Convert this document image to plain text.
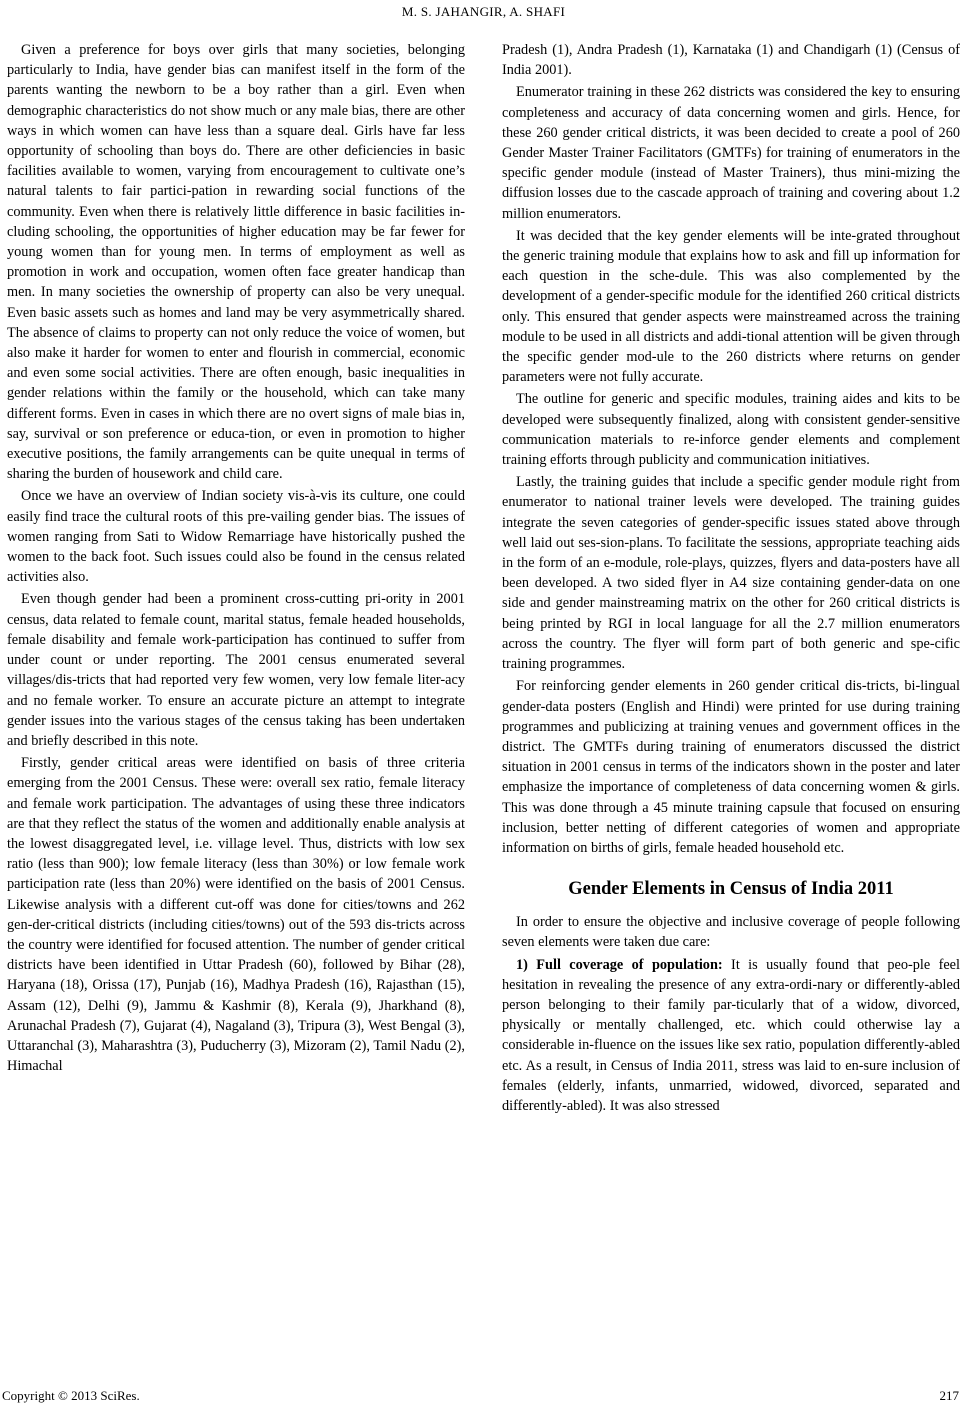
M. S. JAHANGIR, A. SHAFI

Given a preference for boys over girls that many societies, belonging particularly to India, have gender bias can manifest itself in the form of the parents wanting the newborn to be a boy rather than a girl. Even when demographic characteristics do not show much or any male bias, there are other ways in which women can have less than a square deal. Girls have far less opportunity of schooling than boys do. There are other deficiencies in basic facilities available to women, varying from encouragement to cultivate one’s natural talents to fair partici-pation in rewarding social functions of the community. Even when there is relatively little difference in basic facilities in-cluding schooling, the opportunities of higher education may be far fewer for young women than for young men. In terms of employment as well as promotion in work and occupation, women often face greater handicap than men. In many societies the ownership of property can also be very unequal. Even basic assets such as homes and land may be very asymmetrically shared. The absence of claims to property can not only reduce the voice of women, but also make it harder for women to enter and flourish in commercial, economic and even some social activities. There are often enough, basic inequalities in gender relations within the family or the household, which can take many different forms. Even in cases in which there are no overt signs of male bias in, say, survival or son preference or educa-tion, or even in promotion to higher executive positions, the family arrangements can be quite unequal in terms of sharing the burden of housework and child care.

Once we have an overview of Indian society vis-à-vis its culture, one could easily find trace the cultural roots of this pre-vailing gender bias. The issues of women ranging from Sati to Widow Remarriage have historically pushed the women to the back foot. Such issues could also be found in the census related activities also.

Even though gender had been a prominent cross-cutting pri-ority in 2001 census, data related to female count, marital status, female headed households, female disability and female work-participation has continued to suffer from under count or under reporting. The 2001 census enumerated several villages/dis-tricts that had reported very few women, very low female liter-acy and no female worker. To ensure an accurate picture an attempt to integrate gender issues into the various stages of the census taking has been undertaken and briefly described in this note.

Firstly, gender critical areas were identified on basis of three criteria emerging from the 2001 Census. These were: overall sex ratio, female literacy and female work participation. The advantages of using these three indicators are that they reflect the status of the women and additionally enable analysis at the lowest disaggregated level, i.e. village level. Thus, districts with low sex ratio (less than 900); low female literacy (less than 30%) or low female work participation rate (less than 20%) were identified on the basis of 2001 Census. Likewise analysis with a different cut-off was done for cities/towns and 262 gen-der-critical districts (including cities/towns) out of the 593 dis-tricts across the country were identified for focused attention. The number of gender critical districts have been identified in Uttar Pradesh (60), followed by Bihar (28), Haryana (18), Orissa (17), Punjab (16), Madhya Pradesh (16), Rajasthan (15), Assam (12), Delhi (9), Jammu & Kashmir (8), Kerala (9), Jharkhand (8), Arunachal Pradesh (7), Gujarat (4), Nagaland (3), Tripura (3), West Bengal (3), Uttaranchal (3), Maharashtra (3), Puducherry (3), Mizoram (2), Tamil Nadu (2), Himachal

Pradesh (1), Andra Pradesh (1), Karnataka (1) and Chandigarh (1) (Census of India 2001).

Enumerator training in these 262 districts was considered the key to ensuring completeness and accuracy of data concerning women and girls. Hence, for these 260 gender critical districts, it was been decided to create a pool of 260 Gender Master Trainer Facilitators (GMTFs) for training of enumerators in the specific gender module (instead of Master Trainers), thus mini-mizing the diffusion losses due to the cascade approach of training and covering about 1.2 million enumerators.

It was decided that the key gender elements will be inte-grated throughout the generic training module that explains how to ask and fill up information for each question in the sche-dule. This was also complemented by the development of a gender-specific module for the identified 260 critical districts only. This ensured that gender aspects were mainstreamed across the training module to be used in all districts and addi-tional attention will be given through the specific gender mod-ule to the 260 districts where returns on gender parameters were not fully accurate.

The outline for generic and specific modules, training aides and kits to be developed were subsequently finalized, along with consistent gender-sensitive communication materials to re-inforce gender elements and complement training efforts through publicity and communication initiatives.

Lastly, the training guides that include a specific gender module right from enumerator to national trainer levels were developed. The training guides integrate the seven categories of gender-specific issues stated above through well laid out ses-sion-plans. To facilitate the sessions, appropriate teaching aids in the form of an e-module, role-plays, quizzes, flyers and data-posters have all been developed. A two sided flyer in A4 size containing gender-data on one side and gender mainstreaming matrix on the other for 260 critical districts is being printed by RGI in local language for all the 2.7 million enumerators across the country. The flyer will form part of both generic and spe-cific training programmes.

For reinforcing gender elements in 260 gender critical dis-tricts, bi-lingual gender-data posters (English and Hindi) were printed for use during training programmes and publicizing at training venues and government offices in the district. The GMTFs during training of enumerators discussed the district situation in 2001 census in terms of the indicators shown in the poster and later emphasize the importance of completeness of data concerning women & girls. This was done through a 45 minute training capsule that focused on ensuring inclusion, better netting of different categories of women and appropriate information on births of girls, female headed household etc.

Gender Elements in Census of India 2011

In order to ensure the objective and inclusive coverage of people following seven elements were taken due care:

1) Full coverage of population: It is usually found that peo-ple feel hesitation in revealing the presence of any extra-ordi-nary or differently-abled person belonging to their family par-ticularly that of a widow, divorced, physically or mentally challenged, etc. which could otherwise lay a considerable in-fluence on the issues like sex ratio, population differently-abled etc. As a result, in Census of India 2011, stress was laid to en-sure inclusion of females (elderly, infants, unmarried, widowed, divorced, separated and differently-abled). It was also stressed

Copyright © 2013 SciRes.	217
